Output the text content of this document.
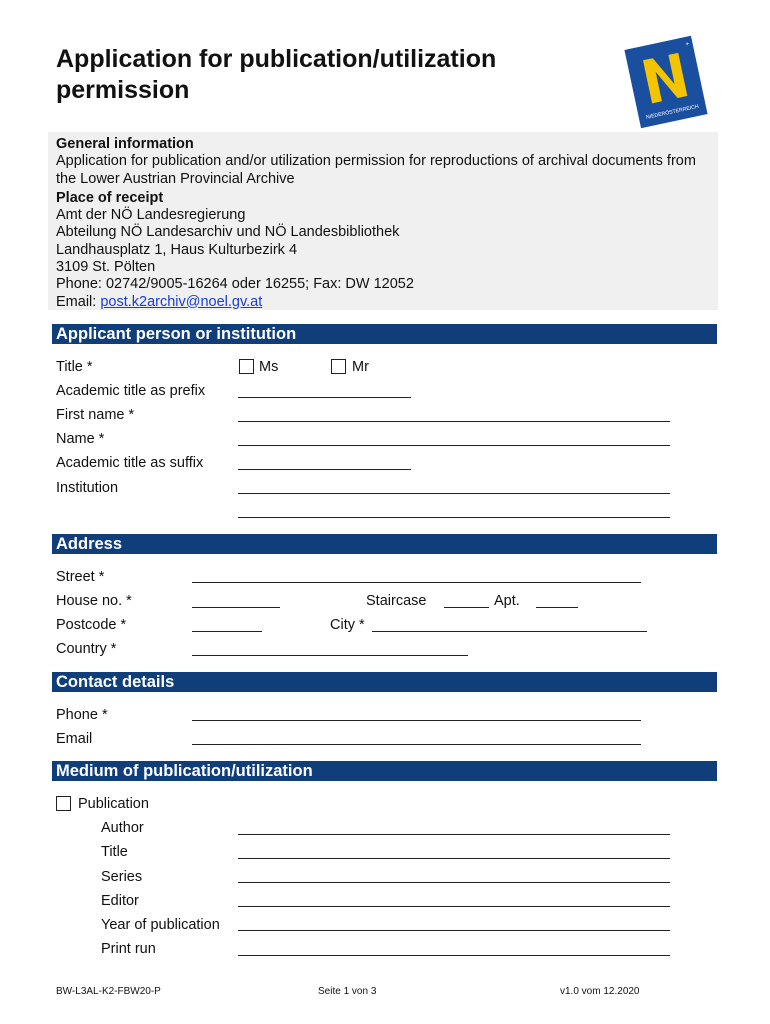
Application for publication/utilization permission
NIEDERÖSTERREICH
+
General information
Application for publication and/or utilization permission for reproductions of archival documents from the Lower Austrian Provincial Archive
Place of receipt
Amt der NÖ Landesregierung
Abteilung NÖ Landesarchiv und NÖ Landesbibliothek
Landhausplatz 1, Haus Kulturbezirk 4
3109 St. Pölten
Phone: 02742/9005-16264 oder 16255; Fax: DW 12052
Email: post.k2archiv@noel.gv.at
Applicant person or institution
Title *	Ms	Mr
Academic title as prefix
First name *
Name *
Academic title as suffix
Institution
Address
Street *
House no. *	Staircase	Apt.
Postcode *	City *
Country *
Contact details
Phone *
Email
Medium of publication/utilization
Publication
Author
Title
Series
Editor
Year of publication
Print run
BW-L3AL-K2-FBW20-P	Seite 1 von 3	v1.0 vom 12.2020
